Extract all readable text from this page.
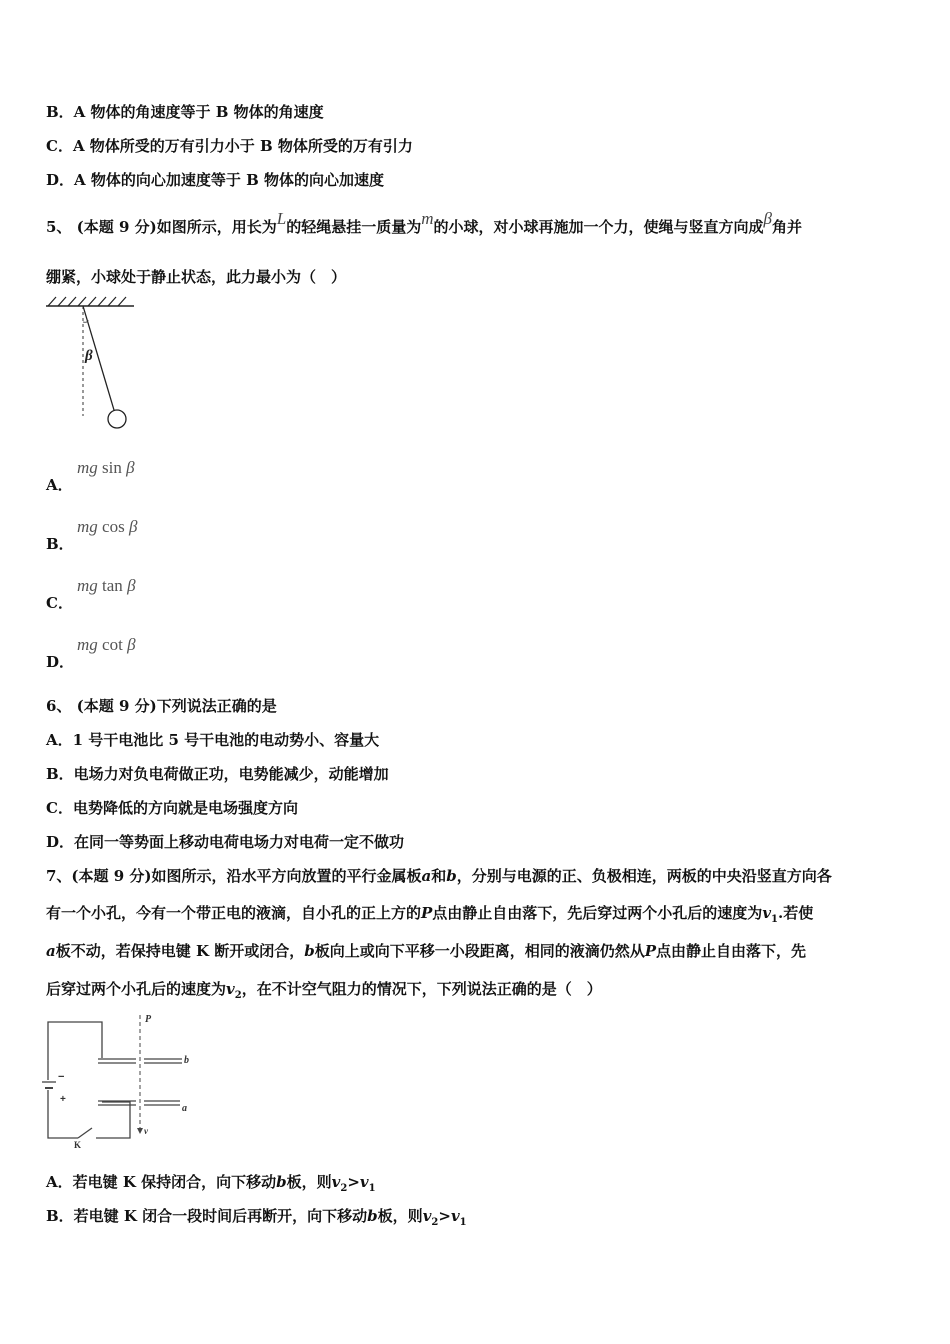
B．A 物体的角速度等于 B 物体的角速度
C．A 物体所受的万有引力小于 B 物体所受的万有引力
D．A 物体的向心加速度等于 B 物体的向心加速度
5、 (本题 9 分)如图所示，用长为L的轻绳悬挂一质量为m的小球，对小球再施加一个力，使绳与竖直方向成β角并
绷紧，小球处于静止状态，此力最小为（　）
β
A．
mg sin β
B．
mg cos β
C．
mg tan β
D．
mg cot β
6、 (本题 9 分)下列说法正确的是
A．1 号干电池比 5 号干电池的电动势小、容量大
B．电场力对负电荷做正功，电势能减少，动能增加
C．电势降低的方向就是电场强度方向
D．在同一等势面上移动电荷电场力对电荷一定不做功
7、(本题 9 分)如图所示，沿水平方向放置的平行金属板a和b，分别与电源的正、负极相连，两板的中央沿竖直方向各
有一个小孔，今有一个带正电的液滴，自小孔的正上方的P点由静止自由落下，先后穿过两个小孔后的速度为$v_1$.若使
a板不动，若保持电键 K 断开或闭合，b板向上或向下平移一小段距离，相同的液滴仍然从P点由静止自由落下，先
后穿过两个小孔后的速度为$v_2$，在不计空气阻力的情况下，下列说法正确的是（　）
P
b
a
v
K
−
+
A．若电键 K 保持闭合，向下移动b板，则$v_2>v_1$
B．若电键 K 闭合一段时间后再断开，向下移动b板，则$v_2>v_1$
